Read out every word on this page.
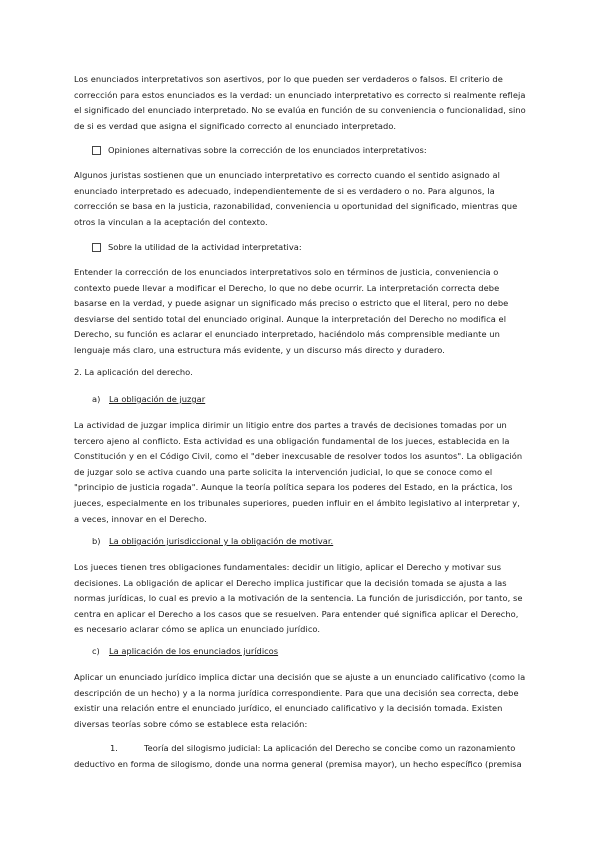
Los enunciados interpretativos son asertivos, por lo que pueden ser verdaderos o falsos. El criterio de corrección para estos enunciados es la verdad: un enunciado interpretativo es correcto si realmente refleja el significado del enunciado interpretado. No se evalúa en función de su conveniencia o funcionalidad, sino de si es verdad que asigna el significado correcto al enunciado interpretado.

Opiniones alternativas sobre la corrección de los enunciados interpretativos:

Algunos juristas sostienen que un enunciado interpretativo es correcto cuando el sentido asignado al enunciado interpretado es adecuado, independientemente de si es verdadero o no. Para algunos, la corrección se basa en la justicia, razonabilidad, conveniencia u oportunidad del significado, mientras que otros la vinculan a la aceptación del contexto.

Sobre la utilidad de la actividad interpretativa:

Entender la corrección de los enunciados interpretativos solo en términos de justicia, conveniencia o contexto puede llevar a modificar el Derecho, lo que no debe ocurrir. La interpretación correcta debe basarse en la verdad, y puede asignar un significado más preciso o estricto que el literal, pero no debe desviarse del sentido total del enunciado original. Aunque la interpretación del Derecho no modifica el Derecho, su función es aclarar el enunciado interpretado, haciéndolo más comprensible mediante un lenguaje más claro, una estructura más evidente, y un discurso más directo y duradero.

2. La aplicación del derecho.
a)	La obligación de juzgar

La actividad de juzgar implica dirimir un litigio entre dos partes a través de decisiones tomadas por un tercero ajeno al conflicto. Esta actividad es una obligación fundamental de los jueces, establecida en la Constitución y en el Código Civil, como el "deber inexcusable de resolver todos los asuntos". La obligación de juzgar solo se activa cuando una parte solicita la intervención judicial, lo que se conoce como el "principio de justicia rogada". Aunque la teoría política separa los poderes del Estado, en la práctica, los jueces, especialmente en los tribunales superiores, pueden influir en el ámbito legislativo al interpretar y, a veces, innovar en el Derecho.

b)	La obligación jurisdiccional y la obligación de motivar.

Los jueces tienen tres obligaciones fundamentales: decidir un litigio, aplicar el Derecho y motivar sus decisiones. La obligación de aplicar el Derecho implica justificar que la decisión tomada se ajusta a las normas jurídicas, lo cual es previo a la motivación de la sentencia. La función de jurisdicción, por tanto, se centra en aplicar el Derecho a los casos que se resuelven. Para entender qué significa aplicar el Derecho, es necesario aclarar cómo se aplica un enunciado jurídico.

c)	La aplicación de los enunciados jurídicos

Aplicar un enunciado jurídico implica dictar una decisión que se ajuste a un enunciado calificativo (como la descripción de un hecho) y a la norma jurídica correspondiente. Para que una decisión sea correcta, debe existir una relación entre el enunciado jurídico, el enunciado calificativo y la decisión tomada. Existen diversas teorías sobre cómo se establece esta relación:

1.	Teoría del silogismo judicial: La aplicación del Derecho se concibe como un razonamiento
deductivo en forma de silogismo, donde una norma general (premisa mayor), un hecho específico (premisa
